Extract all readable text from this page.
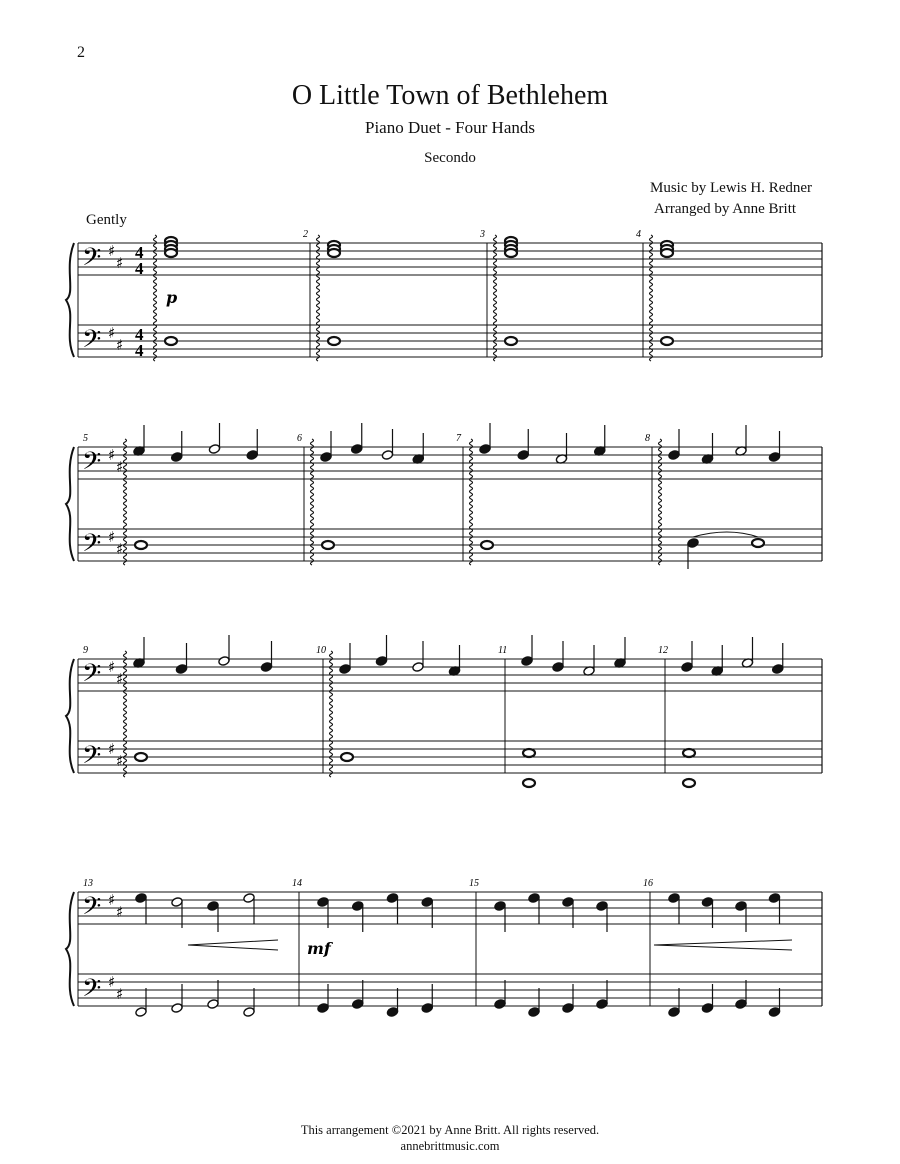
2
O Little Town of Bethlehem
Piano Duet - Four Hands
Secondo
Music by Lewis H. Redner
Arranged by Anne Britt
Gently
𝄢
𝄢
♯
♯
♯
♯
4
4
4
4
2	3	4
p
𝄢
𝄢
♯
♯
♯
♯
5	6	7	8
𝄢
𝄢
♯
♯
♯
♯
9	10	11	12
𝄢
𝄢
♯
♯
♯
♯
13	14	15	16
mf
This arrangement ©2021 by Anne Britt. All rights reserved.
annebrittmusic.com
